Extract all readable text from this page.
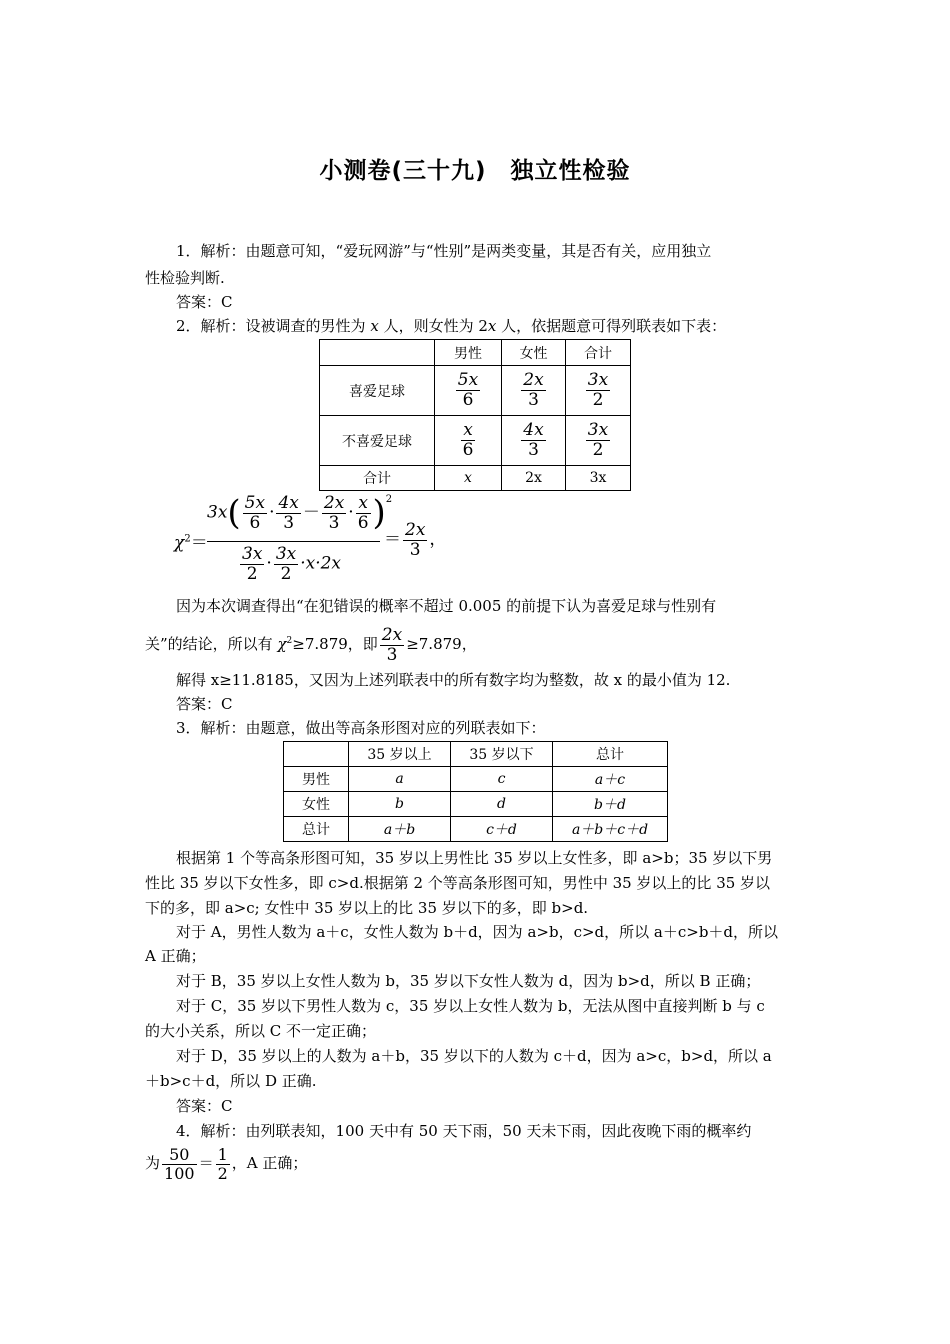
小测卷(三十九)　独立性检验
1．解析：由题意可知，“爱玩网游”与“性别”是两类变量，其是否有关，应用独立
性检验判断.
答案：C
2．解析：设被调查的男性为 x 人，则女性为 2x 人，依据题意可得列联表如下表：
	男性	女性	合计
喜爱足球	$\frac{5x}{6}$	$\frac{2x}{3}$	$\frac{3x}{2}$

不喜爱足球	$\frac{x}{6}$	$\frac{4x}{3}$	$\frac{3x}{2}$

合计	x	2x	3x
$\chi^2=$
$3x( \frac{5x}{6} \cdot \frac{4x}{3} - \frac{2x}{3} \cdot \frac{x}{6} )^2$
$\frac{3x}{2} \cdot \frac{3x}{2} \cdot x\cdot 2x$
＝ $\frac{2x}{3}$ ，
因为本次调查得出“在犯错误的概率不超过 0.005 的前提下认为喜爱足球与性别有
关”的结论，所以有 $\chi^2\ge 7.879$，即 $\frac{2x}{3} \ge 7.879$，
解得 x≥11.8185，又因为上述列联表中的所有数字均为整数，故 x 的最小值为 12.
答案：C
3．解析：由题意，做出等高条形图对应的列联表如下：
	35 岁以上	35 岁以下	总计
男性	a	c	a＋c
女性	b	d	b＋d
总计	a＋b	c＋d	a＋b＋c＋d
根据第 1 个等高条形图可知，35 岁以上男性比 35 岁以上女性多，即 a>b；35 岁以下男
性比 35 岁以下女性多，即 c>d.根据第 2 个等高条形图可知，男性中 35 岁以上的比 35 岁以
下的多，即 a>c; 女性中 35 岁以上的比 35 岁以下的多，即 b>d.
对于 A，男性人数为 a＋c，女性人数为 b＋d，因为 a>b，c>d，所以 a＋c>b＋d，所以
A 正确；
对于 B，35 岁以上女性人数为 b，35 岁以下女性人数为 d，因为 b>d，所以 B 正确；
对于 C，35 岁以下男性人数为 c，35 岁以上女性人数为 b，无法从图中直接判断 b 与 c
的大小关系，所以 C 不一定正确；
对于 D，35 岁以上的人数为 a＋b，35 岁以下的人数为 c＋d，因为 a>c，b>d，所以 a
＋b>c＋d，所以 D 正确.
答案：C
4．解析：由列联表知，100 天中有 50 天下雨，50 天未下雨，因此夜晚下雨的概率约
为 $\frac{50}{100} = \frac{1}{2}$ ，A 正确；
